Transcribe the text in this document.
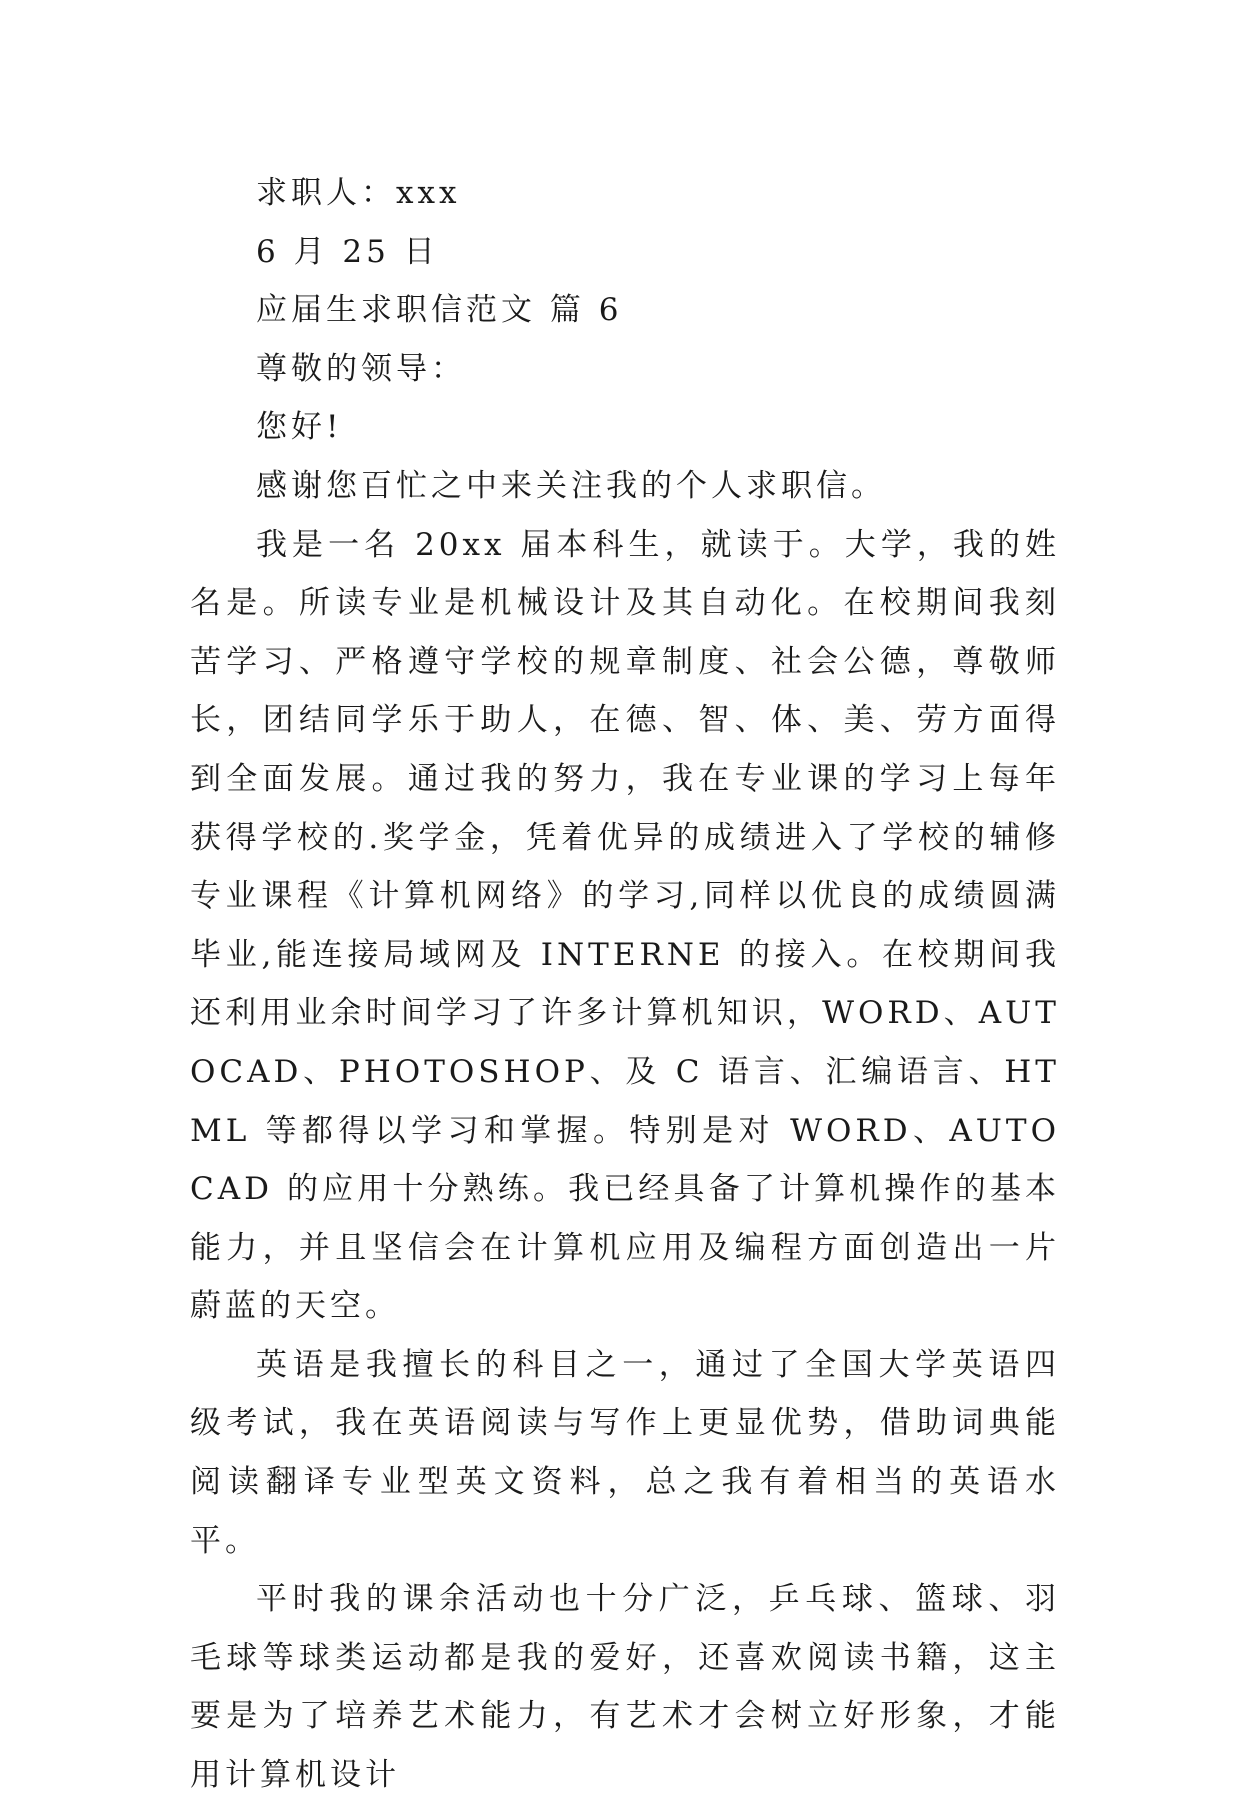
求职人：xxx

6 月 25 日

应届生求职信范文 篇 6

尊敬的领导：

您好!

感谢您百忙之中来关注我的个人求职信。

我是一名 20xx 届本科生，就读于。大学，我的姓名是。所读专业是机械设计及其自动化。在校期间我刻苦学习、严格遵守学校的规章制度、社会公德，尊敬师长，团结同学乐于助人，在德、智、体、美、劳方面得到全面发展。通过我的努力，我在专业课的学习上每年获得学校的.奖学金，凭着优异的成绩进入了学校的辅修专业课程《计算机网络》的学习,同样以优良的成绩圆满毕业,能连接局域网及 INTERNE 的接入。在校期间我还利用业余时间学习了许多计算机知识，WORD、AUTOCAD、PHOTOSHOP、及 C 语言、汇编语言、HTML 等都得以学习和掌握。特别是对 WORD、AUTOCAD 的应用十分熟练。我已经具备了计算机操作的基本能力，并且坚信会在计算机应用及编程方面创造出一片蔚蓝的天空。

英语是我擅长的科目之一，通过了全国大学英语四级考试，我在英语阅读与写作上更显优势，借助词典能阅读翻译专业型英文资料，总之我有着相当的英语水平。

平时我的课余活动也十分广泛，乒乓球、篮球、羽毛球等球类运动都是我的爱好，还喜欢阅读书籍，这主要是为了培养艺术能力，有艺术才会树立好形象，才能用计算机设计
